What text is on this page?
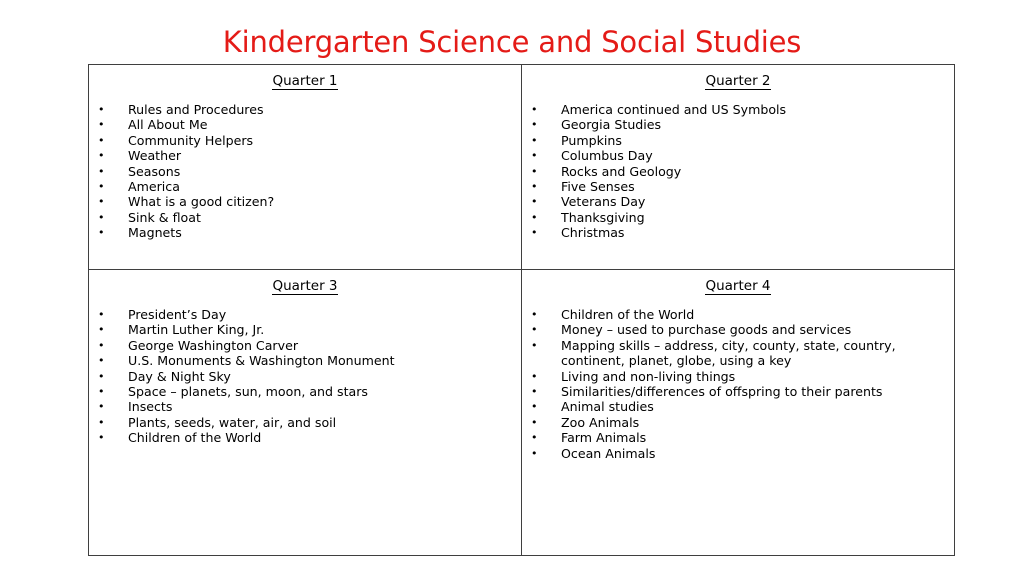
Kindergarten Science and Social Studies
Quarter 1
• Rules and Procedures
• All About Me
• Community Helpers
• Weather
• Seasons
• America
• What is a good citizen?
• Sink & float
• Magnets

Quarter 2
• America continued and US Symbols
• Georgia Studies
• Pumpkins
• Columbus Day
• Rocks and Geology
• Five Senses
• Veterans Day
• Thanksgiving
• Christmas

Quarter 3
• President’s Day
• Martin Luther King, Jr.
• George Washington Carver
• U.S. Monuments & Washington Monument
• Day & Night Sky
• Space – planets, sun, moon, and stars
• Insects
• Plants, seeds, water, air, and soil
• Children of the World

Quarter 4
• Children of the World
• Money – used to purchase goods and services
• Mapping skills – address, city, county, state, country, continent, planet, globe, using a key
• Living and non-living things
• Similarities/differences of offspring to their parents
• Animal studies
• Zoo Animals
• Farm Animals
• Ocean Animals
